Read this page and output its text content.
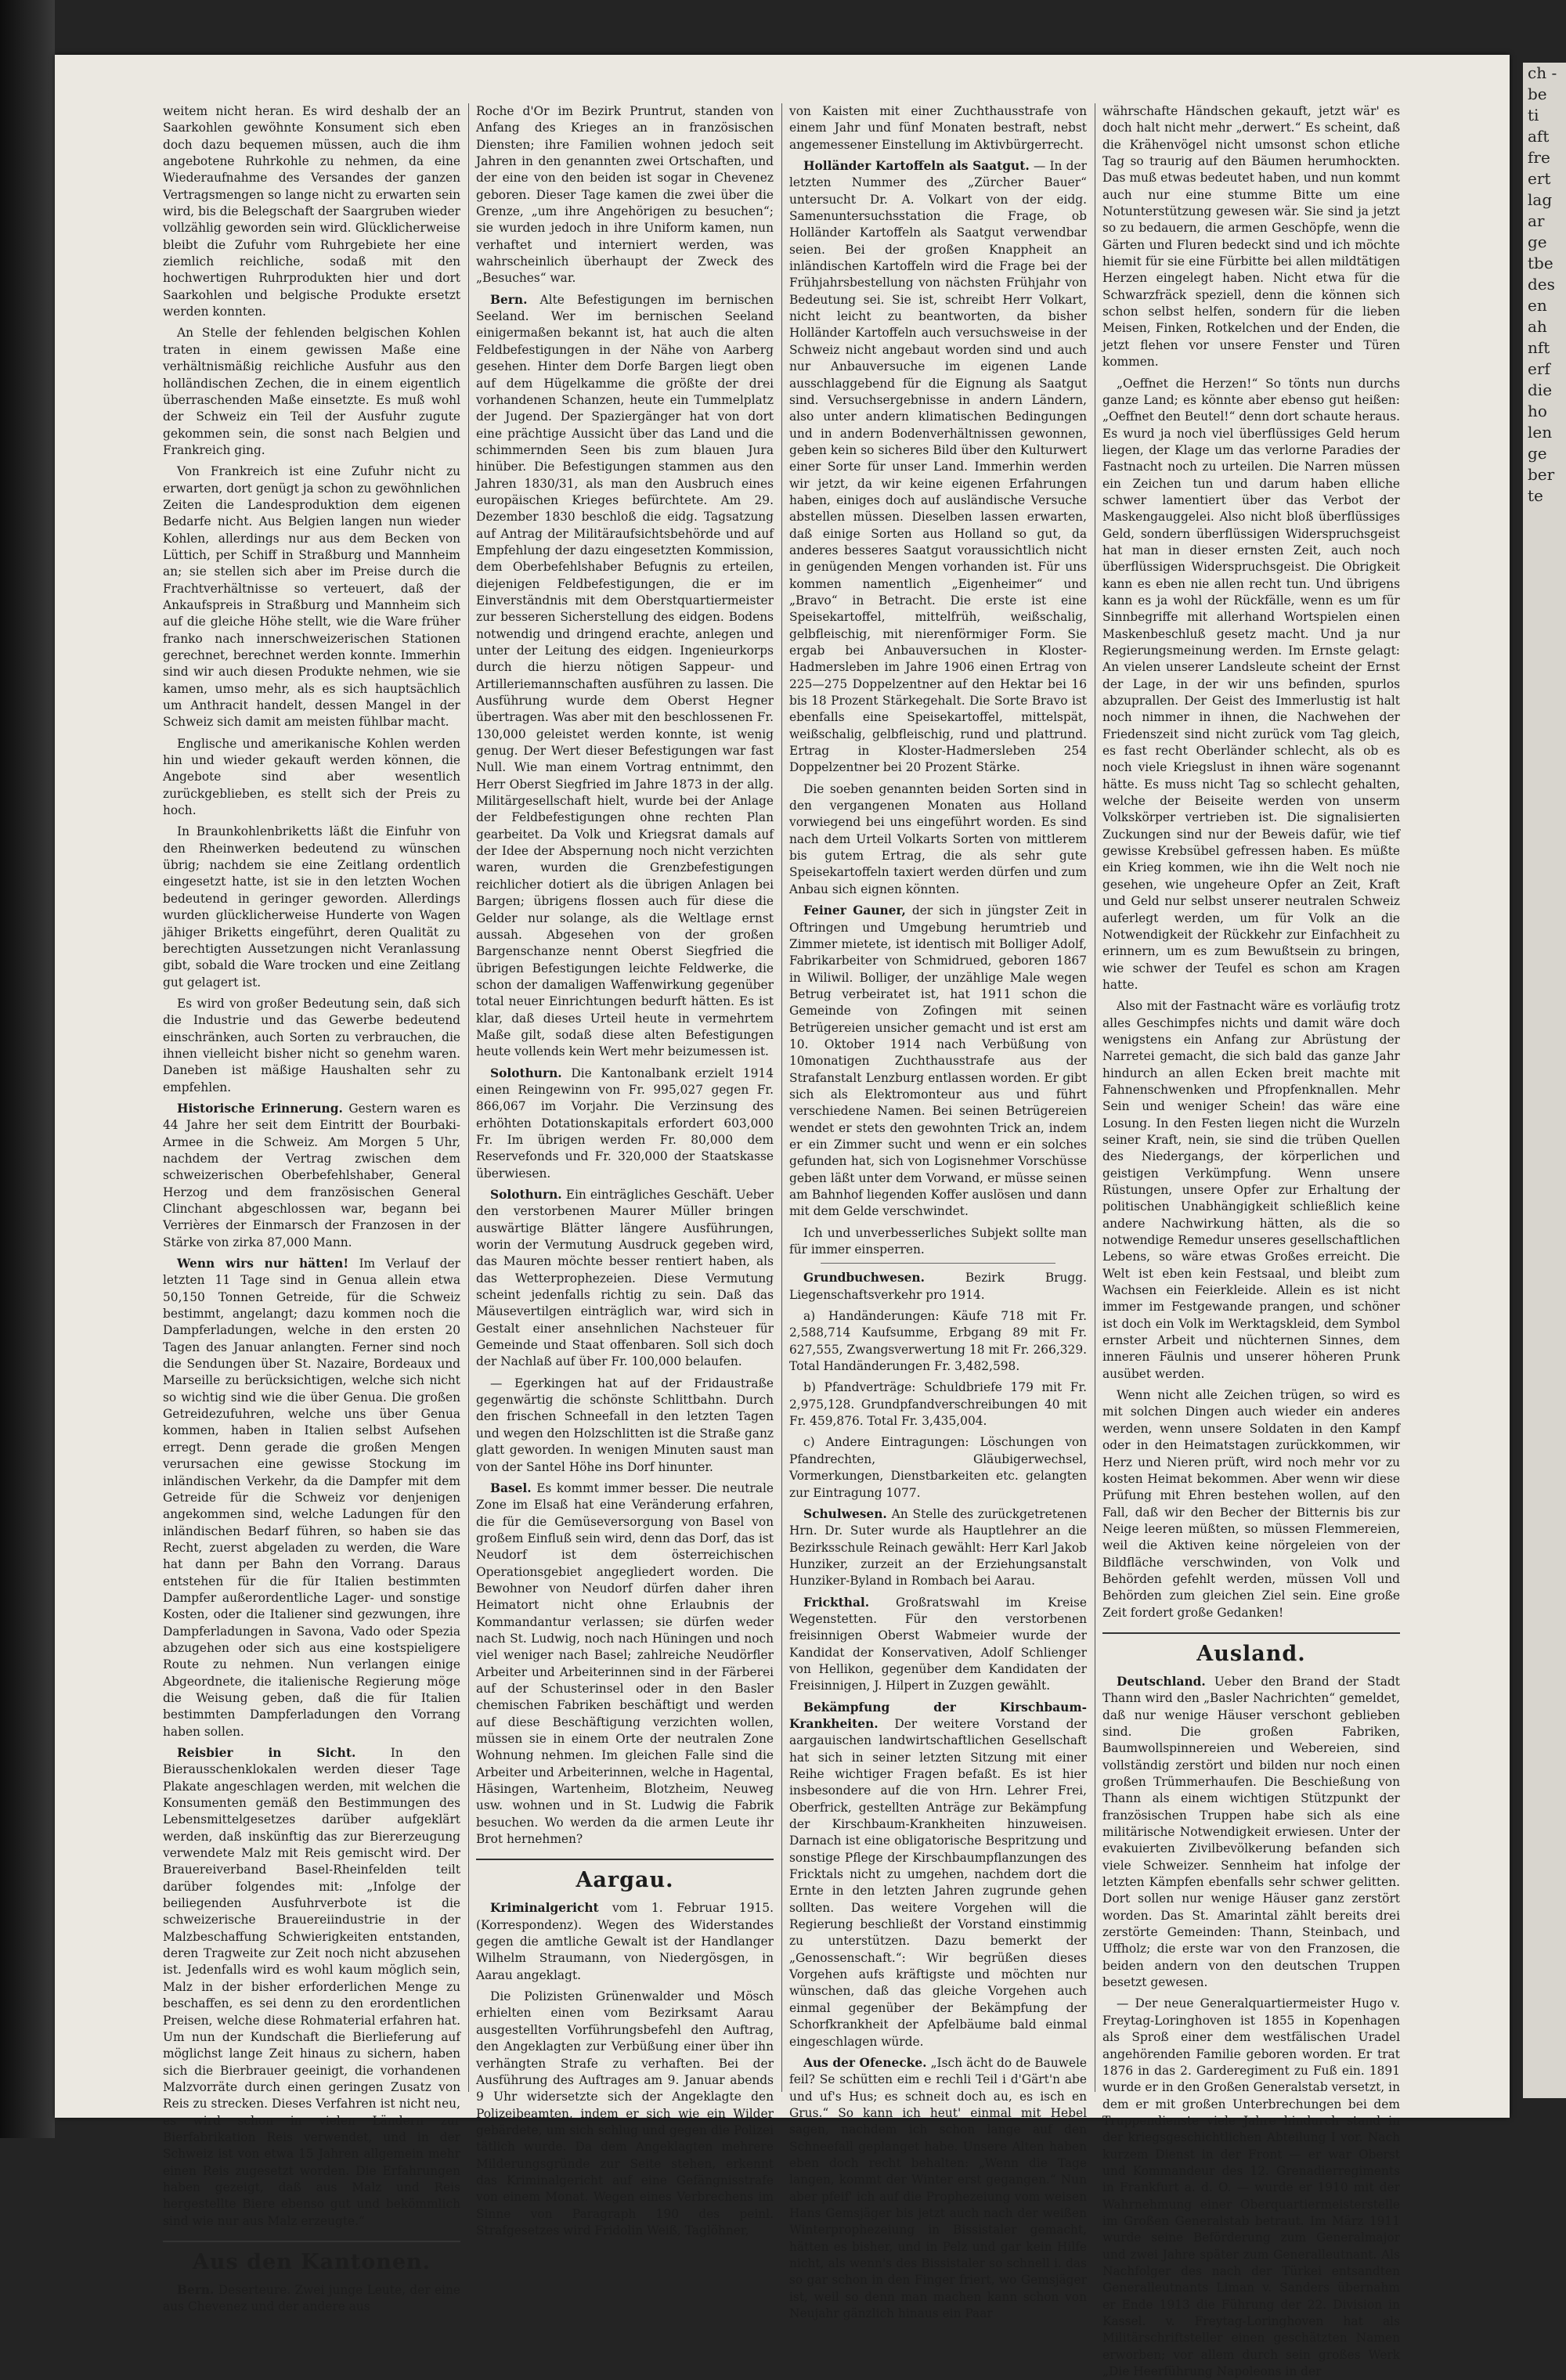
weitem nicht heran. Es wird deshalb der an Saarkohlen gewöhnte Konsument sich eben doch dazu bequemen müssen, auch die ihm angebotene Ruhrkohle zu nehmen, da eine Wiederaufnahme des Versandes der ganzen Vertragsmengen so lange nicht zu erwarten sein wird, bis die Belegschaft der Saargruben wieder vollzählig geworden sein wird. Glücklicherweise bleibt die Zufuhr vom Ruhrgebiete her eine ziemlich reichliche, sodaß mit den hochwertigen Ruhrprodukten hier und dort Saarkohlen und belgische Produkte ersetzt werden konnten.

An Stelle der fehlenden belgischen Kohlen traten in einem gewissen Maße eine verhältnismäßig reichliche Ausfuhr aus den holländischen Zechen, die in einem eigentlich überraschenden Maße einsetzte. Es muß wohl der Schweiz ein Teil der Ausfuhr zugute gekommen sein, die sonst nach Belgien und Frankreich ging.

Von Frankreich ist eine Zufuhr nicht zu erwarten, dort genügt ja schon zu gewöhnlichen Zeiten die Landesproduktion dem eigenen Bedarfe nicht. Aus Belgien langen nun wieder Kohlen, allerdings nur aus dem Becken von Lüttich, per Schiff in Straßburg und Mannheim an; sie stellen sich aber im Preise durch die Frachtverhältnisse so verteuert, daß der Ankaufspreis in Straßburg und Mannheim sich auf die gleiche Höhe stellt, wie die Ware früher franko nach innerschweizerischen Stationen gerechnet, berechnet werden konnte. Immerhin sind wir auch diesen Produkte nehmen, wie sie kamen, umso mehr, als es sich hauptsächlich um Anthracit handelt, dessen Mangel in der Schweiz sich damit am meisten fühlbar macht.

Englische und amerikanische Kohlen werden hin und wieder gekauft werden können, die Angebote sind aber wesentlich zurückgeblieben, es stellt sich der Preis zu hoch.

In Braunkohlenbriketts läßt die Einfuhr von den Rheinwerken bedeutend zu wünschen übrig; nachdem sie eine Zeitlang ordentlich eingesetzt hatte, ist sie in den letzten Wochen bedeutend in geringer geworden. Allerdings wurden glücklicherweise Hunderte von Wagen jähiger Briketts eingeführt, deren Qualität zu berechtigten Aussetzungen nicht Veranlassung gibt, sobald die Ware trocken und eine Zeitlang gut gelagert ist.

Es wird von großer Bedeutung sein, daß sich die Industrie und das Gewerbe bedeutend einschränken, auch Sorten zu verbrauchen, die ihnen vielleicht bisher nicht so genehm waren. Daneben ist mäßige Haushalten sehr zu empfehlen.

Historische Erinnerung. Gestern waren es 44 Jahre her seit dem Eintritt der Bourbaki-Armee in die Schweiz. Am Morgen 5 Uhr, nachdem der Vertrag zwischen dem schweizerischen Oberbefehlshaber, General Herzog und dem französischen General Clinchant abgeschlossen war, begann bei Verrières der Einmarsch der Franzosen in der Stärke von zirka 87,000 Mann.

Wenn wirs nur hätten! Im Verlauf der letzten 11 Tage sind in Genua allein etwa 50,150 Tonnen Getreide, für die Schweiz bestimmt, angelangt; dazu kommen noch die Dampferladungen, welche in den ersten 20 Tagen des Januar anlangten. Ferner sind noch die Sendungen über St. Nazaire, Bordeaux und Marseille zu berücksichtigen, welche sich nicht so wichtig sind wie die über Genua. Die großen Getreidezufuhren, welche uns über Genua kommen, haben in Italien selbst Aufsehen erregt. Denn gerade die großen Mengen verursachen eine gewisse Stockung im inländischen Verkehr, da die Dampfer mit dem Getreide für die Schweiz vor denjenigen angekommen sind, welche Ladungen für den inländischen Bedarf führen, so haben sie das Recht, zuerst abgeladen zu werden, die Ware hat dann per Bahn den Vorrang. Daraus entstehen für die für Italien bestimmten Dampfer außerordentliche Lager- und sonstige Kosten, oder die Italiener sind gezwungen, ihre Dampferladungen in Savona, Vado oder Spezia abzugehen oder sich aus eine kostspieligere Route zu nehmen. Nun verlangen einige Abgeordnete, die italienische Regierung möge die Weisung geben, daß die für Italien bestimmten Dampferladungen den Vorrang haben sollen.

Reisbier in Sicht.	In den Bierausschenklokalen werden dieser Tage Plakate angeschlagen werden, mit welchen die Konsumenten gemäß den Bestimmungen des Lebensmittelgesetzes darüber aufgeklärt werden, daß inskünftig das zur Biererzeugung verwendete Malz mit Reis gemischt wird. Der Brauereiverband Basel-Rheinfelden teilt darüber folgendes mit: „Infolge der beiliegenden Ausfuhrverbote ist die schweizerische Brauereiindustrie in der Malzbeschaffung Schwierigkeiten entstanden, deren Tragweite zur Zeit noch nicht abzusehen ist. Jedenfalls wird es wohl kaum möglich sein, Malz in der bisher erforderlichen Menge zu beschaffen, es sei denn zu den erordentlichen Preisen, welche diese Rohmaterial erfahren hat. Um nun der Kundschaft die Bierlieferung auf möglichst lange Zeit hinaus zu sichern, haben sich die Bierbrauer geeinigt, die vorhandenen Malzvorräte durch einen geringen Zusatz von Reis zu strecken. Dieses Verfahren ist nicht neu, es wird schon in vielen Ländern zur Bierfabrikation Reis verwendet, und in der Schweiz ist von etwa 15 Jahren allgemein mehr einen Reis zugesetzt worden. Die Erfahrungen haben gezeigt, daß aus Malz und Reis hergestellte Biere ebenso gut und bekömmlich sind wie nur aus Malz erzeugte.“

Aus den Kantonen.

Bern. Deserteure. Zwei junge Leute, der eine aus Chevenez und der andere aus

Roche d'Or im Bezirk Pruntrut, standen von Anfang des Krieges an in französischen Diensten; ihre Familien wohnen jedoch seit Jahren in den genannten zwei Ortschaften, und der eine von den beiden ist sogar in Chevenez geboren. Dieser Tage kamen die zwei über die Grenze, „um ihre Angehörigen zu besuchen“; sie wurden jedoch in ihre Uniform kamen, nun verhaftet und interniert werden, was wahrscheinlich überhaupt der Zweck des „Besuches“ war.

Bern. Alte Befestigungen im bernischen Seeland. Wer im bernischen Seeland einigermaßen bekannt ist, hat auch die alten Feldbefestigungen in der Nähe von Aarberg gesehen. Hinter dem Dorfe Bargen liegt oben auf dem Hügelkamme die größte der drei vorhandenen Schanzen, heute ein Tummelplatz der Jugend. Der Spaziergänger hat von dort eine prächtige Aussicht über das Land und die schimmernden Seen bis zum blauen Jura hinüber. Die Befestigungen stammen aus den Jahren 1830/31, als man den Ausbruch eines europäischen Krieges befürchtete. Am 29. Dezember 1830 beschloß die eidg. Tagsatzung auf Antrag der Militäraufsichtsbehörde und auf Empfehlung der dazu eingesetzten Kommission, dem Oberbefehlshaber Befugnis zu erteilen, diejenigen Feldbefestigungen, die er im Einverständnis mit dem Oberstquartiermeister zur besseren Sicherstellung des eidgen. Bodens notwendig und dringend erachte, anlegen und unter der Leitung des eidgen. Ingenieurkorps durch die hierzu nötigen Sappeur- und Artilleriemannschaften ausführen zu lassen. Die Ausführung wurde dem Oberst Hegner übertragen. Was aber mit den beschlossenen Fr. 130,000 geleistet werden konnte, ist wenig genug. Der Wert dieser Befestigungen war fast Null. Wie man einem Vortrag entnimmt, den Herr Oberst Siegfried im Jahre 1873 in der allg. Militärgesellschaft hielt, wurde bei der Anlage der Feldbefestigungen ohne rechten Plan gearbeitet. Da Volk und Kriegsrat damals auf der Idee der Abspernung noch nicht verzichten waren, wurden die Grenzbefestigungen reichlicher dotiert als die übrigen Anlagen bei Bargen; übrigens flossen auch für diese die Gelder nur solange, als die Weltlage ernst aussah. Abgesehen von der großen Bargenschanze nennt Oberst Siegfried die übrigen Befestigungen leichte Feldwerke, die schon der damaligen Waffenwirkung gegenüber total neuer Einrichtungen bedurft hätten. Es ist klar, daß dieses Urteil heute in vermehrtem Maße gilt, sodaß diese alten Befestigungen heute vollends kein Wert mehr beizumessen ist.

Solothurn. Die Kantonalbank erzielt 1914 einen Reingewinn von Fr. 995,027 gegen Fr. 866,067 im Vorjahr. Die Verzinsung des erhöhten Dotationskapitals erfordert 603,000 Fr. Im übrigen werden Fr. 80,000 dem Reservefonds und Fr. 320,000 der Staatskasse überwiesen.

Solothurn. Ein einträgliches Geschäft. Ueber den verstorbenen Maurer Müller bringen auswärtige Blätter längere Ausführungen, worin der Vermutung Ausdruck gegeben wird, das Mauren möchte besser rentiert haben, als das Wetterprophezeien. Diese Vermutung scheint jedenfalls richtig zu sein. Daß das Mäusevertilgen einträglich war, wird sich in Gestalt einer ansehnlichen Nachsteuer für Gemeinde und Staat offenbaren. Soll sich doch der Nachlaß auf über Fr. 100,000 belaufen.

— Egerkingen hat auf der Fridaustraße gegenwärtig die schönste Schlittbahn. Durch den frischen Schneefall in den letzten Tagen und wegen den Holzschlitten ist die Straße ganz glatt geworden. In wenigen Minuten saust man von der Santel Höhe ins Dorf hinunter.

Basel. Es kommt immer besser. Die neutrale Zone im Elsaß hat eine Veränderung erfahren, die für die Gemüseversorgung von Basel von großem Einfluß sein wird, denn das Dorf, das ist Neudorf ist dem österreichischen Operationsgebiet angegliedert worden. Die Bewohner von Neudorf dürfen daher ihren Heimatort nicht ohne Erlaubnis der Kommandantur verlassen; sie dürfen weder nach St. Ludwig, noch nach Hüningen und noch viel weniger nach Basel; zahlreiche Neudörfler Arbeiter und Arbeiterinnen sind in der Färberei auf der Schusterinsel oder in den Basler chemischen Fabriken beschäftigt und werden auf diese Beschäftigung verzichten wollen, müssen sie in einem Orte der neutralen Zone Wohnung nehmen. Im gleichen Falle sind die Arbeiter und Arbeiterinnen, welche in Hagental, Häsingen, Wartenheim, Blotzheim, Neuweg usw. wohnen und in St. Ludwig die Fabrik besuchen. Wo werden da die armen Leute ihr Brot hernehmen?

Aargau.

Kriminalgericht vom 1. Februar 1915. (Korrespondenz). Wegen des Widerstandes gegen die amtliche Gewalt ist der Handlanger Wilhelm Straumann, von Niedergösgen, in Aarau angeklagt.

Die Polizisten Grünenwalder und Mösch erhielten einen vom Bezirksamt Aarau ausgestellten Vorführungsbefehl den Auftrag, den Angeklagten zur Verbüßung einer über ihn verhängten Strafe zu verhaften. Bei der Ausführung des Auftrages am 9. Januar abends 9 Uhr widersetzte sich der Angeklagte den Polizeibeamten, indem er sich wie ein Wilder gebärdete, um sich schlug und gegen die Polizei tätlich wurde. Da dem Angeklagten mehrere Milderungsgründe zur Seite stehen, erkennt das Kriminalgericht auf eine Gefängnisstrafe von einem Monat. Wegen eines Verbrechens im Sinne von Paragraph 190 des peinl. Strafgesetzes wird Fridolin Weiß, Taglöhner,

von Kaisten mit einer Zuchthausstrafe von einem Jahr und fünf Monaten bestraft, nebst angemessener Einstellung im Aktivbürgerrecht.

Holländer Kartoffeln als Saatgut. — In der letzten Nummer des „Zürcher Bauer“ untersucht Dr. A. Volkart von der eidg. Samenuntersuchsstation die Frage, ob Holländer Kartoffeln als Saatgut verwendbar seien. Bei der großen Knappheit an inländischen Kartoffeln wird die Frage bei der Frühjahrsbestellung von nächsten Frühjahr von Bedeutung sei. Sie ist, schreibt Herr Volkart, nicht leicht zu beantworten, da bisher Holländer Kartoffeln auch versuchsweise in der Schweiz nicht angebaut worden sind und auch nur Anbauversuche im eigenen Lande ausschlaggebend für die Eignung als Saatgut sind. Versuchsergebnisse in andern Ländern, also unter andern klimatischen Bedingungen und in andern Bodenverhältnissen gewonnen, geben kein so sicheres Bild über den Kulturwert einer Sorte für unser Land. Immerhin werden wir jetzt, da wir keine eigenen Erfahrungen haben, einiges doch auf ausländische Versuche abstellen müssen. Dieselben lassen erwarten, daß einige Sorten aus Holland so gut, da anderes besseres Saatgut voraussichtlich nicht in genügenden Mengen vorhanden ist. Für uns kommen namentlich „Eigenheimer“ und „Bravo“ in Betracht. Die erste ist eine Speisekartoffel, mittelfrüh, weißschalig, gelbfleischig, mit nierenförmiger Form. Sie ergab bei Anbauversuchen in Kloster-Hadmersleben im Jahre 1906 einen Ertrag von 225—275 Doppelzentner auf den Hektar bei 16 bis 18 Prozent Stärkegehalt. Die Sorte Bravo ist ebenfalls eine Speisekartoffel, mittelspät, weißschalig, gelbfleischig, rund und plattrund. Ertrag in Kloster-Hadmersleben 254 Doppelzentner bei 20 Prozent Stärke.

Die soeben genannten beiden Sorten sind in den vergangenen Monaten aus Holland vorwiegend bei uns eingeführt worden. Es sind nach dem Urteil Volkarts Sorten von mittlerem bis gutem Ertrag, die als sehr gute Speisekartoffeln taxiert werden dürfen und zum Anbau sich eignen könnten.

Feiner Gauner, der sich in jüngster Zeit in Oftringen und Umgebung herumtrieb und Zimmer mietete, ist identisch mit Bolliger Adolf, Fabrikarbeiter von Schmidrued, geboren 1867 in Wiliwil. Bolliger, der unzählige Male wegen Betrug verbeiratet ist, hat 1911 schon die Gemeinde von Zofingen mit seinen Betrügereien unsicher gemacht und ist erst am 10. Oktober 1914 nach Verbüßung von 10monatigen Zuchthausstrafe aus der Strafanstalt Lenzburg entlassen worden. Er gibt sich als Elektromonteur aus und führt verschiedene Namen. Bei seinen Betrügereien wendet er stets den gewohnten Trick an, indem er ein Zimmer sucht und wenn er ein solches gefunden hat, sich von Logisnehmer Vorschüsse geben läßt unter dem Vorwand, er müsse seinen am Bahnhof liegenden Koffer auslösen und dann mit dem Gelde verschwindet.

Ich und unverbesserliches Subjekt sollte man für immer einsperren.

Grundbuchwesen.	Bezirk Brugg. Liegenschaftsverkehr pro 1914.

a) Handänderungen: Käufe 718 mit Fr. 2,588,714 Kaufsumme, Erbgang 89 mit Fr. 627,555, Zwangsverwertung 18 mit Fr. 266,329. Total Handänderungen Fr. 3,482,598.

b) Pfandverträge: Schuldbriefe 179 mit Fr. 2,975,128. Grundpfandverschreibungen 40 mit Fr. 459,876. Total Fr. 3,435,004.

c) Andere Eintragungen: Löschungen von Pfandrechten, Gläubigerwechsel, Vormerkungen, Dienstbarkeiten etc. gelangten zur Eintragung 1077.

Schulwesen. An Stelle des zurückgetretenen Hrn. Dr. Suter wurde als Hauptlehrer an die Bezirksschule Reinach gewählt: Herr Karl Jakob Hunziker, zurzeit an der Erziehungsanstalt Hunziker-Byland in Rombach bei Aarau.

Frickthal. Großratswahl im Kreise Wegenstetten. Für den verstorbenen freisinnigen Oberst Wabmeier wurde der Kandidat der Konservativen, Adolf Schlienger von Hellikon, gegenüber dem Kandidaten der Freisinnigen, J. Hilpert in Zuzgen gewählt.

Bekämpfung der Kirschbaum-Krankheiten. Der weitere Vorstand der aargauischen landwirtschaftlichen Gesellschaft hat sich in seiner letzten Sitzung mit einer Reihe wichtiger Fragen befaßt. Es ist hier insbesondere auf die von Hrn. Lehrer Frei, Oberfrick, gestellten Anträge zur Bekämpfung der Kirschbaum-Krankheiten hinzuweisen. Darnach ist eine obligatorische Bespritzung und sonstige Pflege der Kirschbaumpflanzungen des Fricktals nicht zu umgehen, nachdem dort die Ernte in den letzten Jahren zugrunde gehen sollten. Das weitere Vorgehen will die Regierung beschließt der Vorstand einstimmig zu unterstützen. Dazu bemerkt der „Genossenschaft.“: Wir begrüßen dieses Vorgehen aufs kräftigste und möchten nur wünschen, daß das gleiche Vorgehen auch einmal gegenüber der Bekämpfung der Schorfkrankheit der Apfelbäume bald einmal eingeschlagen würde.

Aus der Ofenecke. „Isch ächt do de Bauwele feil? Se schütten eim e rechli Teil i d'Gärt'n abe und uf's Hus; es schneit doch au, es isch en Grus.“ So kann ich heut' einmal mit Hebel sagen, nachdem ich schon lange auf den Schneefall geplanget habe. Unsere Alten haben eben doch recht behalten: „Wenn die Tage langen, kommt der Winter erst gegangen.“ Nun aber pfeif' ich auf die Prophezeiung vom weisen Hans Gemsjäger bis jetzt auch nach der weißen Winterprophezeiung in Bissistaler gemacht, hätten es bisher, und in Pelz und gar kein Hilfe nicht, als wenn's des Bissistaler so schnell i. das so gar schon in den Finger friert, wo Gemsjäger ist, weil so denn man machen kann schon von Neujahr gänzlich hinaus ein Paar

währschafte Händschen gekauft, jetzt wär' es doch halt nicht mehr „derwert.“ Es scheint, daß die Krähenvögel nicht umsonst schon etliche Tag so traurig auf den Bäumen herumhockten. Das muß etwas bedeutet haben, und nun kommt auch nur eine stumme Bitte um eine Notunterstützung gewesen wär. Sie sind ja jetzt so zu bedauern, die armen Geschöpfe, wenn die Gärten und Fluren bedeckt sind und ich möchte hiemit für sie eine Fürbitte bei allen mildtätigen Herzen eingelegt haben. Nicht etwa für die Schwarzfräck speziell, denn die können sich schon selbst helfen, sondern für die lieben Meisen, Finken, Rotkelchen und der Enden, die jetzt flehen vor unsere Fenster und Türen kommen.

„Oeffnet die Herzen!“ So tönts nun durchs ganze Land; es könnte aber ebenso gut heißen: „Oeffnet den Beutel!“ denn dort schaute heraus. Es wurd ja noch viel überflüssiges Geld herum liegen, der Klage um das verlorne Paradies der Fastnacht noch zu urteilen. Die Narren müssen ein Zeichen tun und darum haben elliche schwer lamentiert über das Verbot der Maskengauggelei. Also nicht bloß überflüssiges Geld, sondern überflüssigen Widerspruchsgeist hat man in dieser ernsten Zeit, auch noch überflüssigen Widerspruchsgeist. Die Obrigkeit kann es eben nie allen recht tun. Und übrigens kann es ja wohl der Rückfälle, wenn es um für Sinnbegriffe mit allerhand Wortspielen einen Maskenbeschluß gesetz macht. Und ja nur Regierungsmeinung werden. Im Ernste gelagt: An vielen unserer Landsleute scheint der Ernst der Lage, in der wir uns befinden, spurlos abzuprallen. Der Geist des Immerlustig ist halt noch nimmer in ihnen, die Nachwehen der Friedenszeit sind nicht zurück vom Tag gleich, es fast recht Oberländer schlecht, als ob es noch viele Kriegslust in ihnen wäre sogenannt hätte. Es muss nicht Tag so schlecht gehalten, welche der Beiseite werden von unserm Volkskörper vertrieben ist. Die signalisierten Zuckungen sind nur der Beweis dafür, wie tief gewisse Krebsübel gefressen haben. Es müßte ein Krieg kommen, wie ihn die Welt noch nie gesehen, wie ungeheure Opfer an Zeit, Kraft und Geld nur selbst unserer neutralen Schweiz auferlegt werden, um für Volk an die Notwendigkeit der Rückkehr zur Einfachheit zu erinnern, um es zum Bewußtsein zu bringen, wie schwer der Teufel es schon am Kragen hatte.

Also mit der Fastnacht wäre es vorläufig trotz alles Geschimpfes nichts und damit wäre doch wenigstens ein Anfang zur Abrüstung der Narretei gemacht, die sich bald das ganze Jahr hindurch an allen Ecken breit machte mit Fahnenschwenken und Pfropfenknallen. Mehr Sein und weniger Schein! das wäre eine Losung. In den Festen liegen nicht die Wurzeln seiner Kraft, nein, sie sind die trüben Quellen des Niedergangs, der körperlichen und geistigen Verkümpfung. Wenn unsere Rüstungen, unsere Opfer zur Erhaltung der politischen Unabhängigkeit schließlich keine andere Nachwirkung hätten, als die so notwendige Remedur unseres gesellschaftlichen Lebens, so wäre etwas Großes erreicht. Die Welt ist eben kein Festsaal, und bleibt zum Wachsen ein Feierkleide. Allein es ist nicht immer im Festgewande prangen, und schöner ist doch ein Volk im Werktagskleid, dem Symbol ernster Arbeit und nüchternen Sinnes, dem inneren Fäulnis und unserer höheren Prunk ausübet werden.

Wenn nicht alle Zeichen trügen, so wird es mit solchen Dingen auch wieder ein anderes werden, wenn unsere Soldaten in den Kampf oder in den Heimatstagen zurückkommen, wir Herz und Nieren prüft, wird noch mehr vor zu kosten Heimat bekommen. Aber wenn wir diese Prüfung mit Ehren bestehen wollen, auf den Fall, daß wir den Becher der Bitternis bis zur Neige leeren müßten, so müssen Flemmereien, weil die Aktiven keine nörgeleien von der Bildfläche verschwinden, von Volk und Behörden gefehlt werden, müssen Voll und Behörden zum gleichen Ziel sein. Eine große Zeit fordert große Gedanken!

Ausland.

Deutschland. Ueber den Brand der Stadt Thann wird den „Basler Nachrichten“ gemeldet, daß nur wenige Häuser verschont geblieben sind. Die großen Fabriken, Baumwollspinnereien und Webereien, sind vollständig zerstört und bilden nur noch einen großen Trümmerhaufen. Die Beschießung von Thann als einem wichtigen Stützpunkt der französischen Truppen habe sich als eine militärische Notwendigkeit erwiesen. Unter der evakuierten Zivilbevölkerung befanden sich viele Schweizer. Sennheim hat infolge der letzten Kämpfen ebenfalls sehr schwer gelitten. Dort sollen nur wenige Häuser ganz zerstört worden. Das St. Amarintal zählt bereits drei zerstörte Gemeinden: Thann, Steinbach, und Uffholz; die erste war von den Franzosen, die beiden andern von den deutschen Truppen besetzt gewesen.

— Der neue Generalquartiermeister Hugo v. Freytag-Loringhoven ist 1855 in Kopenhagen als Sproß einer dem westfälischen Uradel angehörenden Familie geboren worden. Er trat 1876 in das 2. Garderegiment zu Fuß ein. 1891 wurde er in den Großen Generalstab versetzt, in dem er mit großen Unterbrechungen bei dem Truppendienste viele Jahre hindurch stand in der kriegsgeschichtlichen Abteilung I vor. Nach kurzem Dienst in der Front — er war Oberst und Kommandeur des 12. Grenadierregiments in Frankfurt a. d. O. — wurde er 1910 mit der Wahrnehmung einer Oberquartiermeisterstelle im Großen Generalstab betraut. Im März 1911 wurde seine Beförderung zum Generalmajor und zwei Jahre später zum Generalleutnant. Als Nachfolger des nach der Türkei entsandten Generalleutnants Liman v. Sanders übernahm er Ende 1913 die Führung der 22. Division in Kassel. v. Freytag-Loringhoven hat als Militärschriftsteller einen geschätzten Namen erworben; vor allem durch sein großes Werk „Die Heerführung Napoleons in der

ch -
be
ti
aft
fre
ert
lag
ar
ge
tbe
des
en
ah
nft
erf
die
ho
len
ge
ber
te
